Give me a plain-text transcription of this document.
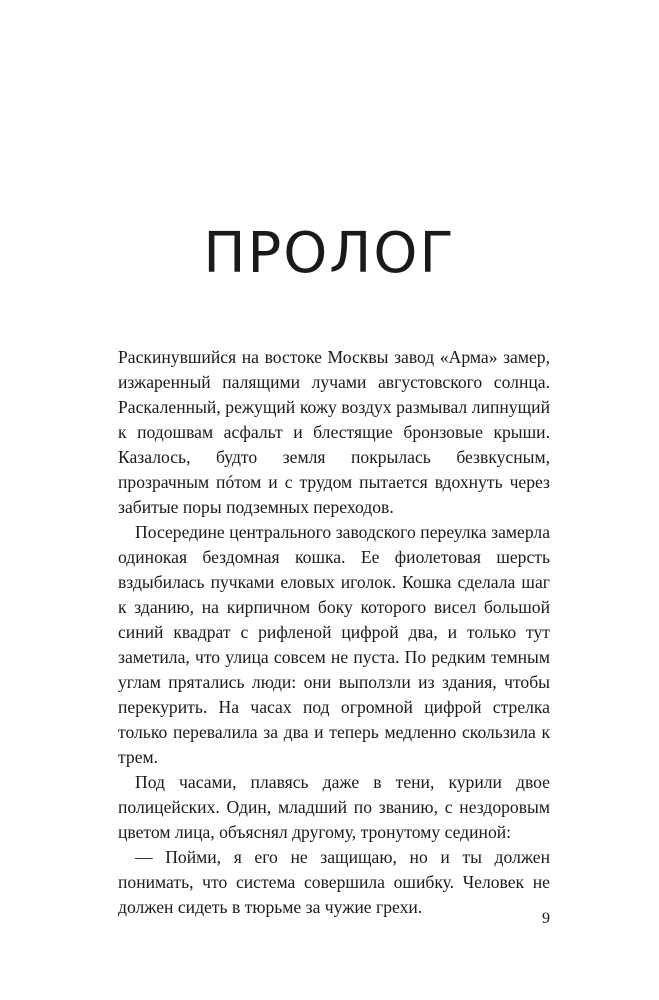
ПРОЛОГ

Раскинувшийся на востоке Москвы завод «Арма» замер, изжаренный палящими лучами августовского солнца. Раскаленный, режущий кожу воздух размывал липнущий к подошвам асфальт и блестящие бронзовые крыши. Казалось, будто земля покрылась безвкусным, прозрачным пóтом и с трудом пытается вдохнуть через забитые поры подземных переходов.

Посередине центрального заводского переулка замерла одинокая бездомная кошка. Ее фиолетовая шерсть вздыбилась пучками еловых иголок. Кошка сделала шаг к зданию, на кирпичном боку которого висел большой синий квадрат с рифленой цифрой два, и только тут заметила, что улица совсем не пуста. По редким темным углам прятались люди: они выползли из здания, чтобы перекурить. На часах под огромной цифрой стрелка только перевалила за два и теперь медленно скользила к трем.

Под часами, плавясь даже в тени, курили двое полицейских. Один, младший по званию, с нездоровым цветом лица, объяснял другому, тронутому сединой:

— Пойми, я его не защищаю, но и ты должен понимать, что система совершила ошибку. Человек не должен сидеть в тюрьме за чужие грехи.

9
